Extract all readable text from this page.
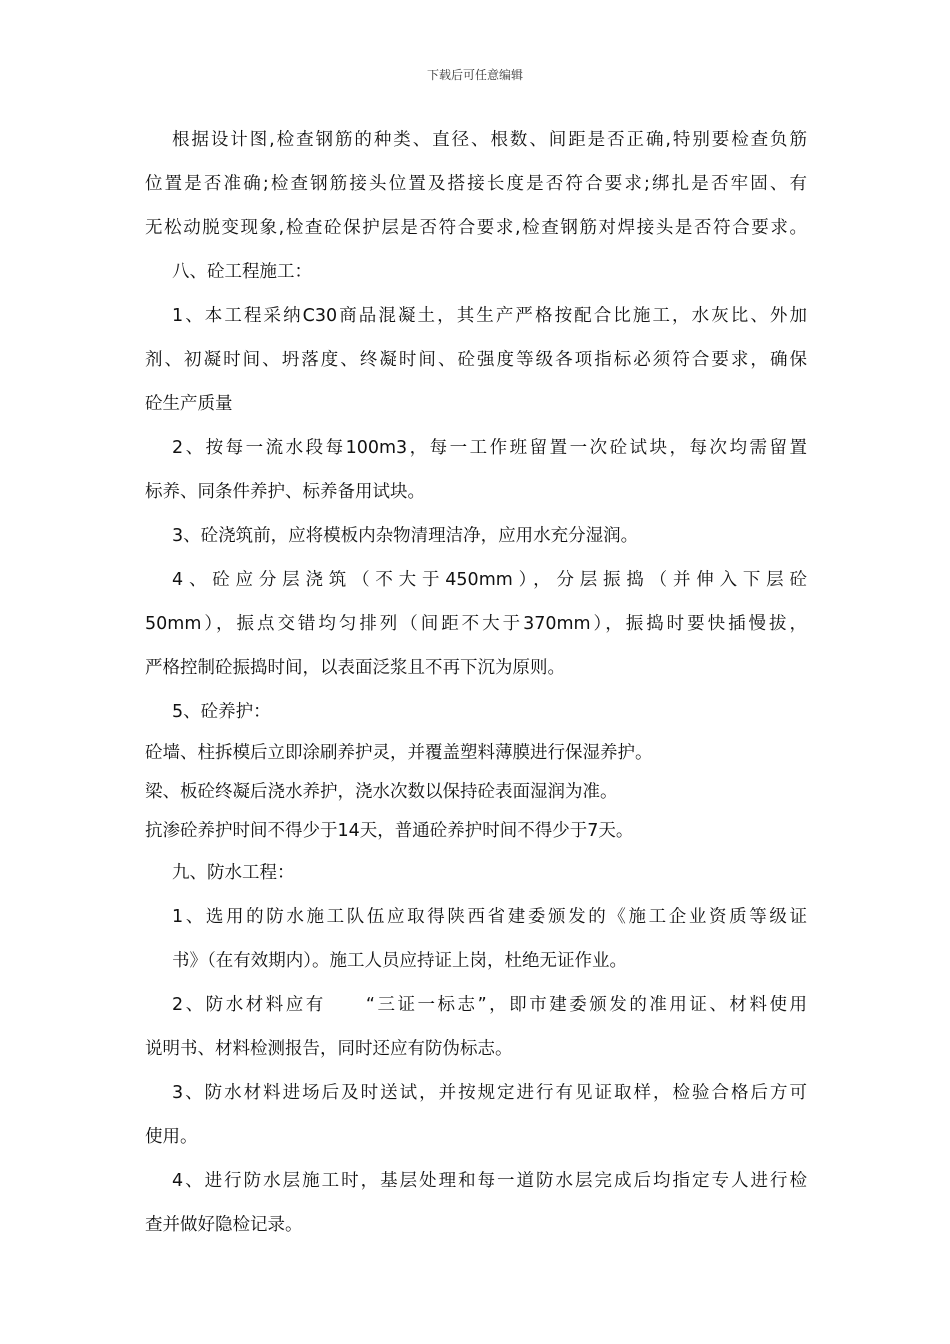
下载后可任意编辑
根据设计图,检查钢筋的种类、直径、根数、间距是否正确,特别要检查负筋
位置是否准确;检查钢筋接头位置及搭接长度是否符合要求;绑扎是否牢固、有
无松动脱变现象,检查砼保护层是否符合要求,检查钢筋对焊接头是否符合要求。
八、砼工程施工：
1、本工程采纳C30商品混凝土，其生产严格按配合比施工，水灰比、外加
剂、初凝时间、坍落度、终凝时间、砼强度等级各项指标必须符合要求，确保
砼生产质量
2、按每一流水段每100m3，每一工作班留置一次砼试块，每次均需留置
标养、同条件养护、标养备用试块。
3、砼浇筑前，应将模板内杂物清理洁净，应用水充分湿润。
4、砼应分层浇筑（不大于450mm），分层振捣（并伸入下层砼
50mm），振点交错均匀排列（间距不大于370mm），振捣时要快插慢拔，
严格控制砼振捣时间，以表面泛浆且不再下沉为原则。
5、砼养护：
砼墙、柱拆模后立即涂刷养护灵，并覆盖塑料薄膜进行保湿养护。
梁、板砼终凝后浇水养护，浇水次数以保持砼表面湿润为准。
抗渗砼养护时间不得少于14天，普通砼养护时间不得少于7天。
九、防水工程：
1、选用的防水施工队伍应取得陕西省建委颁发的《施工企业资质等级证
书》（在有效期内）。施工人员应持证上岗，杜绝无证作业。
2、防水材料应有　　“三证一标志”，即市建委颁发的准用证、材料使用
说明书、材料检测报告，同时还应有防伪标志。
3、防水材料进场后及时送试，并按规定进行有见证取样，检验合格后方可
使用。
4、进行防水层施工时，基层处理和每一道防水层完成后均指定专人进行检
查并做好隐检记录。
